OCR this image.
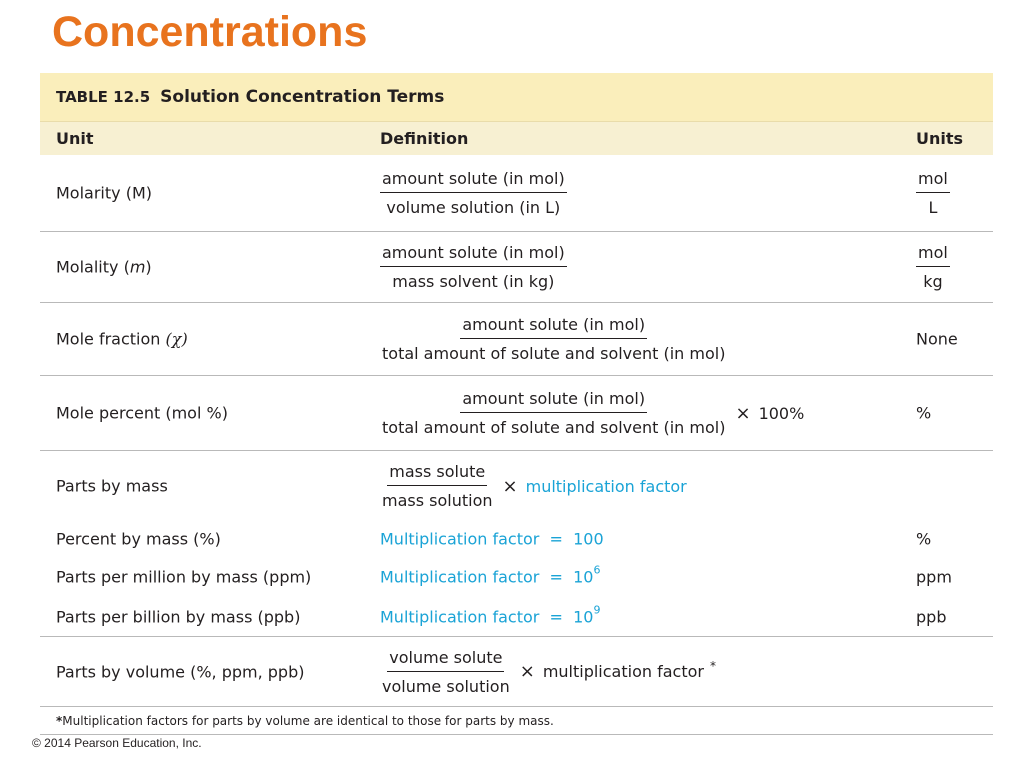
Concentrations
TABLE 12.5 Solution Concentration Terms
Unit	Definition	Units
Molarity (M)	$\frac{\text{amount solute (in mol)}}{\text{volume solution (in L)}}$	$\frac{\text{mol}}{L}$
Molality (m)	$\frac{\text{amount solute (in mol)}}{\text{mass solvent (in kg)}}$	$\frac{\text{mol}}{kg}$
Mole fraction (χ)	$\frac{\text{amount solute (in mol)}}{\text{total amount of solute and solvent (in mol)}}$	None
Mole percent (mol %)	$\frac{\text{amount solute (in mol)}}{\text{total amount of solute and solvent (in mol)}} \times 100\%$	%
Parts by mass	$\frac{\text{mass solute}}{\text{mass solution}}$ × multiplication factor
Percent by mass (%)	Multiplication factor = 100	%
Parts per million by mass (ppm)	Multiplication factor = $10^6$	ppm
Parts per billion by mass (ppb)	Multiplication factor = $10^9$	ppb
Parts by volume (%, ppm, ppb)	$\frac{\text{volume solute}}{\text{volume solution}}$ × multiplication factor *
*Multiplication factors for parts by volume are identical to those for parts by mass.
© 2014 Pearson Education, Inc.
